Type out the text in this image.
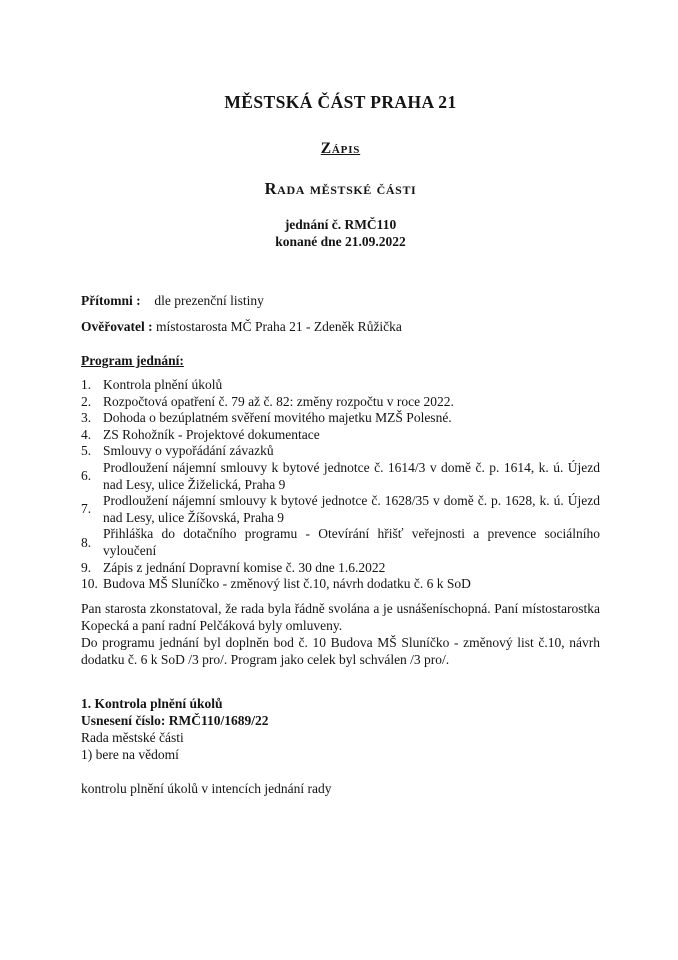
MĚSTSKÁ ČÁST PRAHA 21
Zápis
Rada městské části
jednání č. RMČ110
konané dne 21.09.2022
Přítomni : dle prezenční listiny
Ověřovatel : místostarosta MČ Praha 21 - Zdeněk Růžička
Program jednání:
1. Kontrola plnění úkolů
2. Rozpočtová opatření č. 79 až č. 82: změny rozpočtu v roce 2022.
3. Dohoda o bezúplatném svěření movitého majetku MZŠ Polesné.
4. ZS Rohožník - Projektové dokumentace
5. Smlouvy o vypořádání závazků
6.
Prodloužení nájemní smlouvy k bytové jednotce č. 1614/3 v domě č. p. 1614, k. ú. Újezd nad Lesy, ulice Žiželická, Praha 9
7.
Prodloužení nájemní smlouvy k bytové jednotce č. 1628/35 v domě č. p. 1628, k. ú. Újezd nad Lesy, ulice Žíšovská, Praha 9
8.
Přihláška do dotačního programu - Otevírání hřišť veřejnosti a prevence sociálního vyloučení
9. Zápis z jednání Dopravní komise č. 30 dne 1.6.2022
10. Budova MŠ Sluníčko - změnový list č.10, návrh dodatku č. 6 k SoD

Pan starosta zkonstatoval, že rada byla řádně svolána a je usnášeníschopná. Paní místostarostka Kopecká a paní radní Pelčáková byly omluveny.

Do programu jednání byl doplněn bod č. 10 Budova MŠ Sluníčko - změnový list č.10, návrh dodatku č. 6 k SoD /3 pro/. Program jako celek byl schválen /3 pro/.

1. Kontrola plnění úkolů

Usnesení číslo: RMČ110/1689/22

Rada městské části

1) bere na vědomí

kontrolu plnění úkolů v intencích jednání rady
